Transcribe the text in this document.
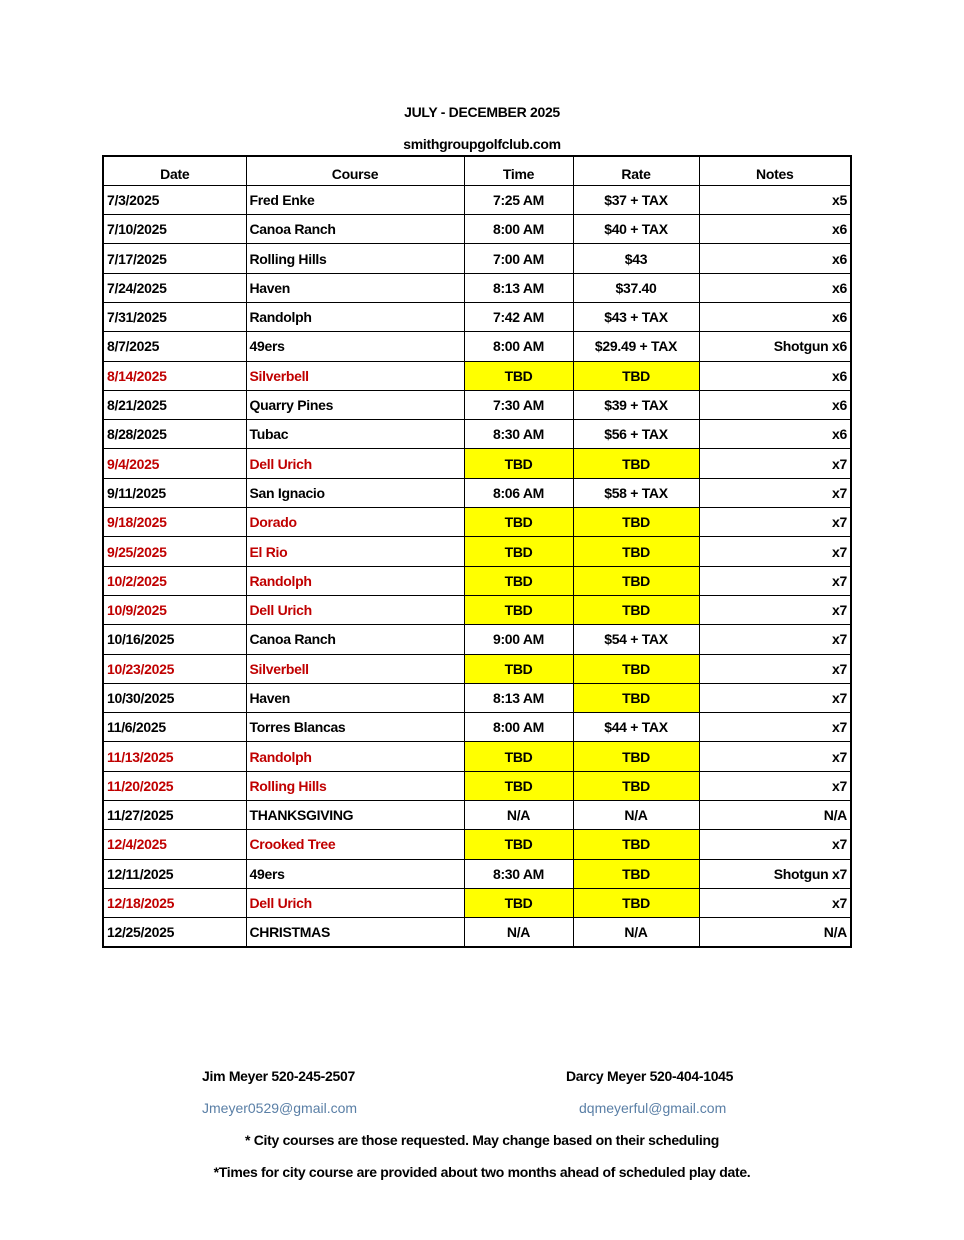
JULY - DECEMBER 2025
smithgroupgolfclub.com
Date	Course	Time	Rate	Notes
7/3/2025	Fred Enke	7:25 AM	$37 + TAX	x5
7/10/2025	Canoa Ranch	8:00 AM	$40 + TAX	x6
7/17/2025	Rolling Hills	7:00 AM	$43	x6
7/24/2025	Haven	8:13 AM	$37.40	x6
7/31/2025	Randolph	7:42 AM	$43 + TAX	x6
8/7/2025	49ers	8:00 AM	$29.49 + TAX	Shotgun x6
8/14/2025	Silverbell	TBD	TBD	x6
8/21/2025	Quarry Pines	7:30 AM	$39 + TAX	x6
8/28/2025	Tubac	8:30 AM	$56 + TAX	x6
9/4/2025	Dell Urich	TBD	TBD	x7
9/11/2025	San Ignacio	8:06 AM	$58 + TAX	x7
9/18/2025	Dorado	TBD	TBD	x7
9/25/2025	El Rio	TBD	TBD	x7
10/2/2025	Randolph	TBD	TBD	x7
10/9/2025	Dell Urich	TBD	TBD	x7
10/16/2025	Canoa Ranch	9:00 AM	$54 + TAX	x7
10/23/2025	Silverbell	TBD	TBD	x7
10/30/2025	Haven	8:13 AM	TBD	x7
11/6/2025	Torres Blancas	8:00 AM	$44 + TAX	x7
11/13/2025	Randolph	TBD	TBD	x7
11/20/2025	Rolling Hills	TBD	TBD	x7
11/27/2025	THANKSGIVING	N/A	N/A	N/A
12/4/2025	Crooked Tree	TBD	TBD	x7
12/11/2025	49ers	8:30 AM	TBD	Shotgun x7
12/18/2025	Dell Urich	TBD	TBD	x7
12/25/2025	CHRISTMAS	N/A	N/A	N/A
Jim Meyer 520-245-2507	Darcy Meyer 520-404-1045
Jmeyer0529@gmail.com	dqmeyerful@gmail.com
* City courses are those requested. May change based on their scheduling
*Times for city course are provided about two months ahead of scheduled play date.
